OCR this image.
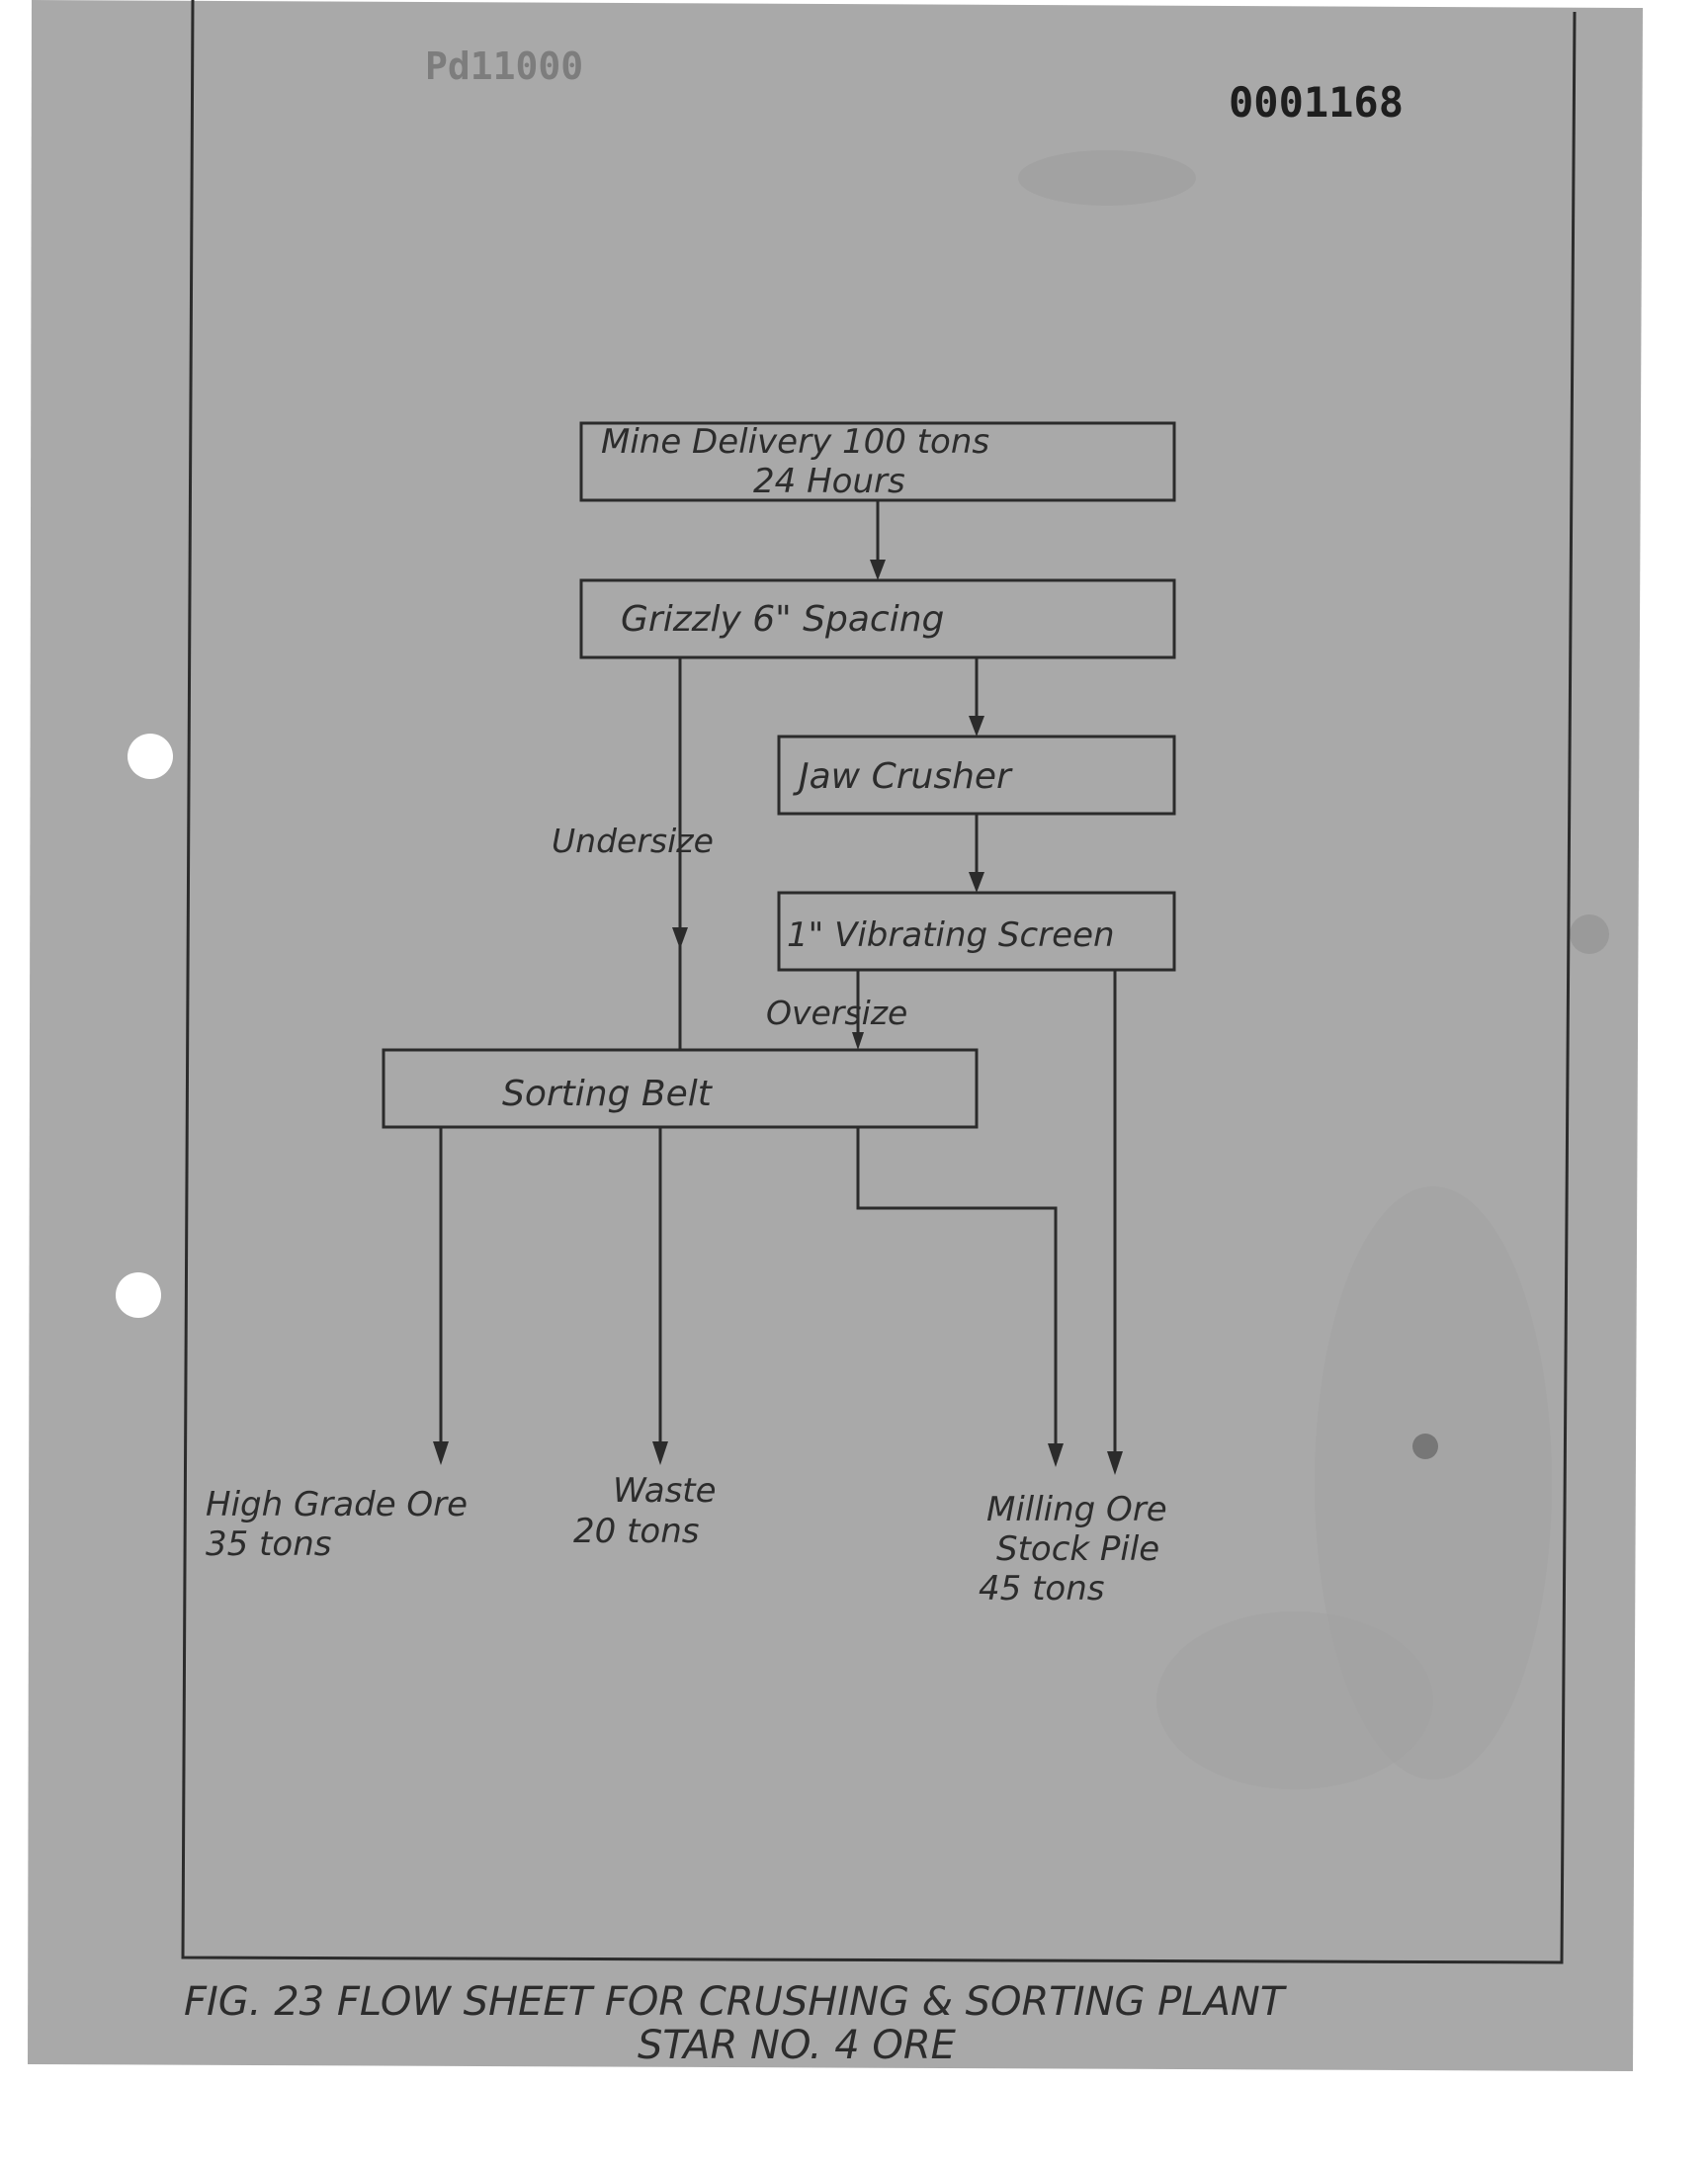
0001168
Pd11000
Mine Delivery 100 tons
24 Hours
Grizzly 6" Spacing
Jaw Crusher
1" Vibrating Screen
Sorting Belt
Undersize
Oversize
High Grade Ore
35 tons
Waste
20 tons
Milling Ore
Stock Pile
45 tons
FIG. 23 FLOW SHEET FOR CRUSHING & SORTING PLANT
STAR NO. 4 ORE
